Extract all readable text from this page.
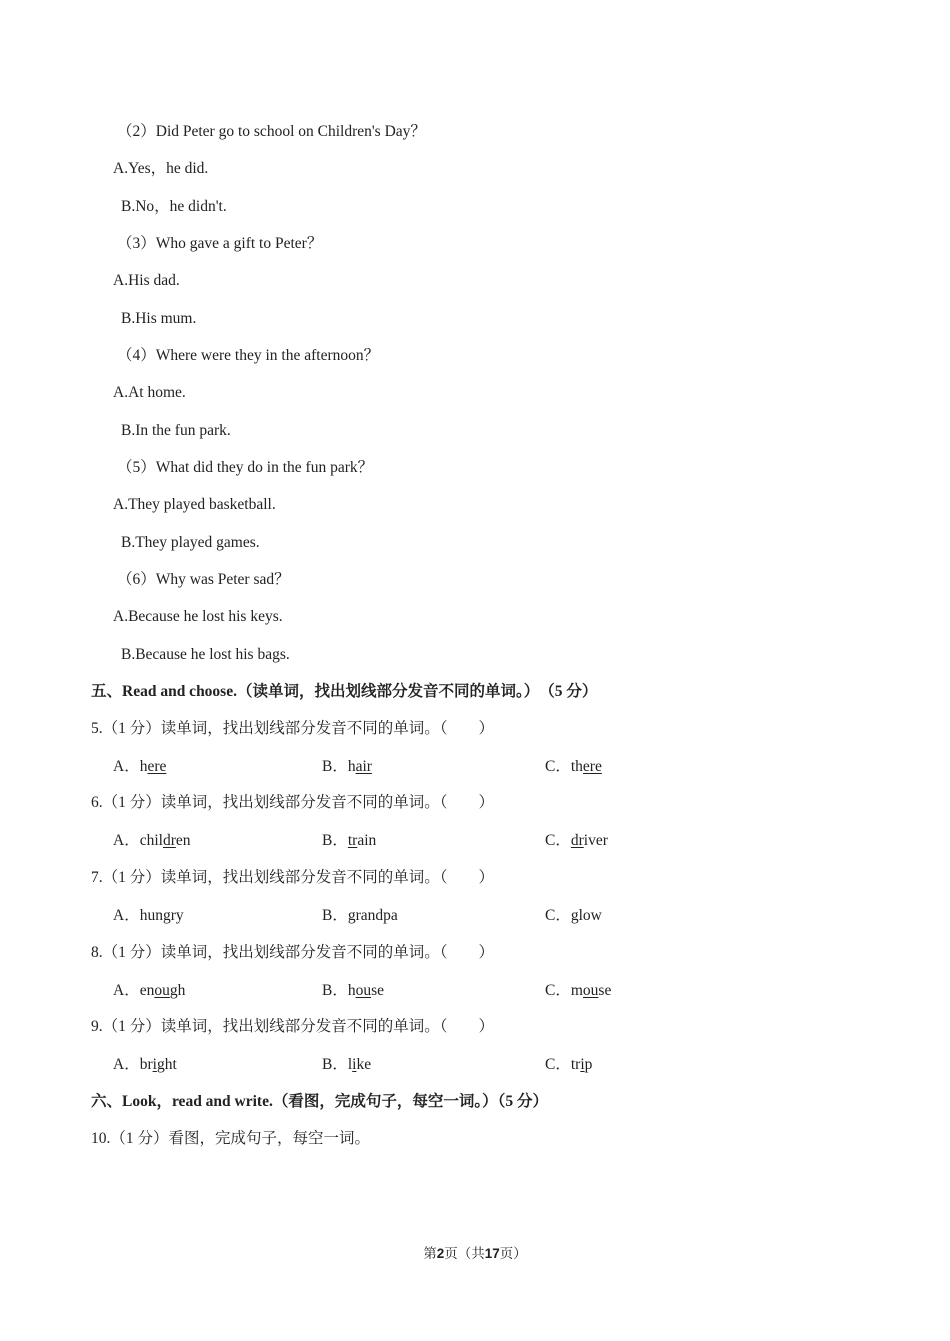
（2）Did Peter go to school on Children's Day？
A.Yes，he did.
B.No，he didn't.
（3）Who gave a gift to Peter？
A.His dad.
B.His mum.
（4）Where were they in the afternoon？
A.At home.
B.In the fun park.
（5）What did they do in the fun park？
A.They played basketball.
B.They played games.
（6）Why was Peter sad？
A.Because he lost his keys.
B.Because he lost his bags.
五、Read and choose.（读单词，找出划线部分发音不同的单词。）　（5 分）
5.（1 分）读单词，找出划线部分发音不同的单词。（　　）
A．here	B．hair	C．there
6.（1 分）读单词，找出划线部分发音不同的单词。（　　）
A．children	B．train	C．driver
7.（1 分）读单词，找出划线部分发音不同的单词。（　　）
A．hungry	B．grandpa	C．glow
8.（1 分）读单词，找出划线部分发音不同的单词。（　　）
A．enough	B．house	C．mouse
9.（1 分）读单词，找出划线部分发音不同的单词。（　　）
A．bright	B．like	C．trip
六、Look，read and write.（看图，完成句子，每空一词。）（5 分）
10.（1 分）看图，完成句子，每空一词。
第2页（共17页）
